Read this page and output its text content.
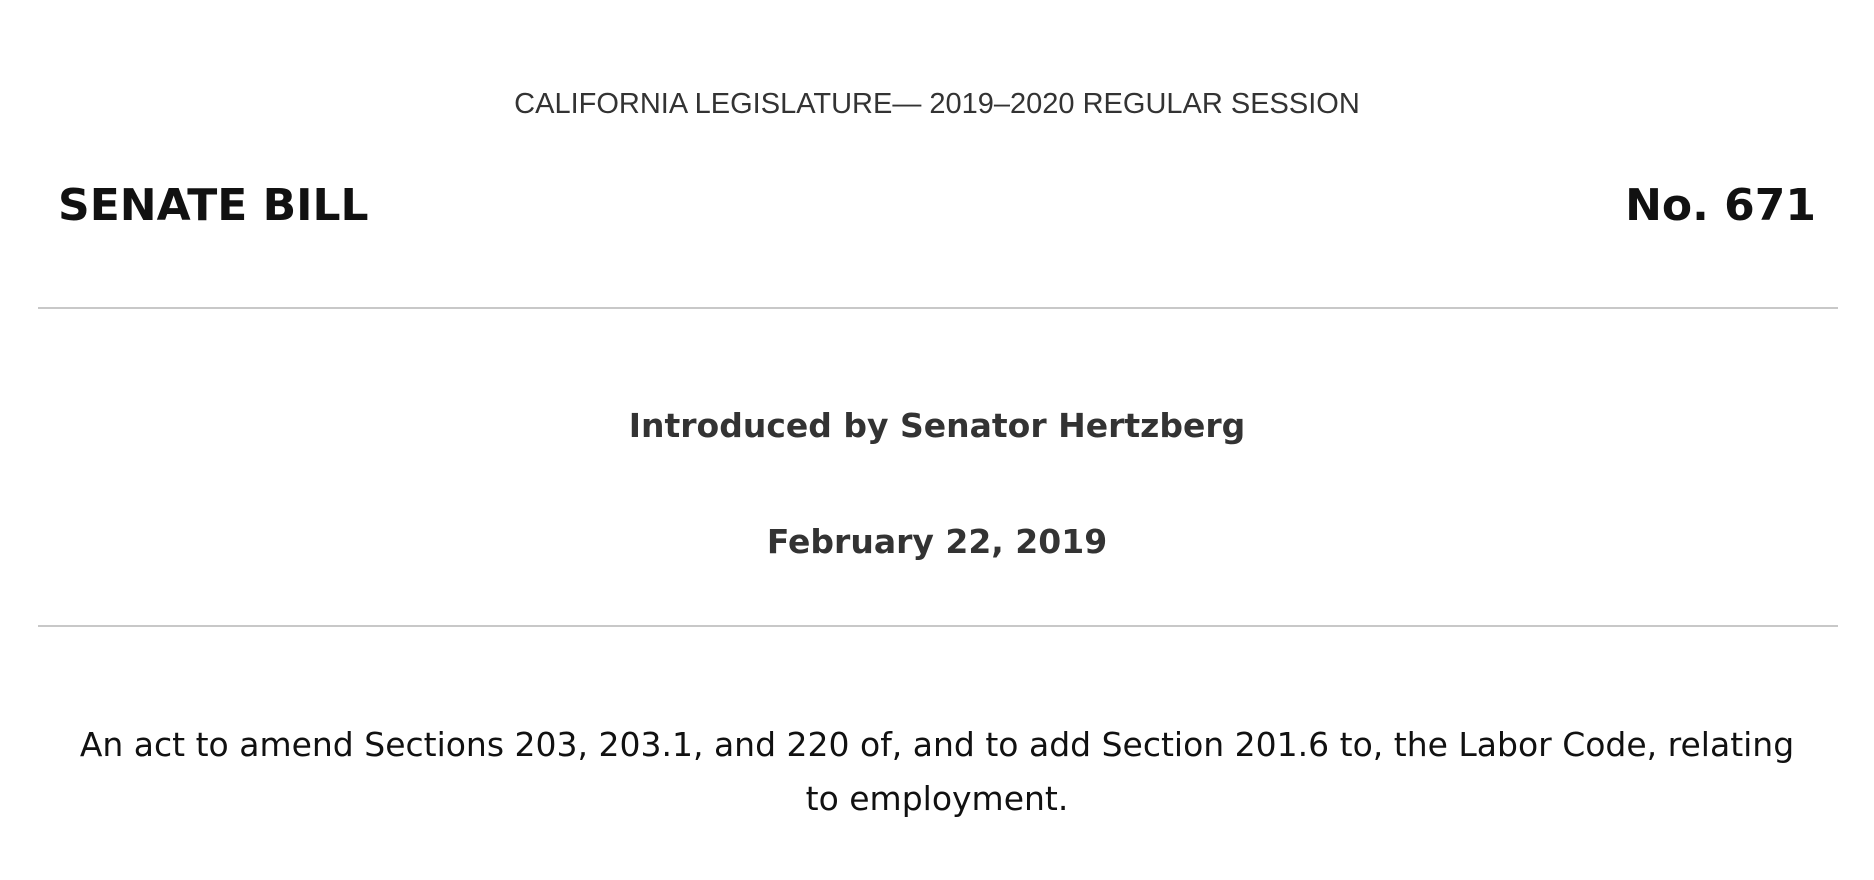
CALIFORNIA LEGISLATURE— 2019–2020 REGULAR SESSION
SENATE BILL	No. 671
Introduced by Senator Hertzberg
February 22, 2019
An act to amend Sections 203, 203.1, and 220 of, and to add Section 201.6 to, the Labor Code, relating to employment.
